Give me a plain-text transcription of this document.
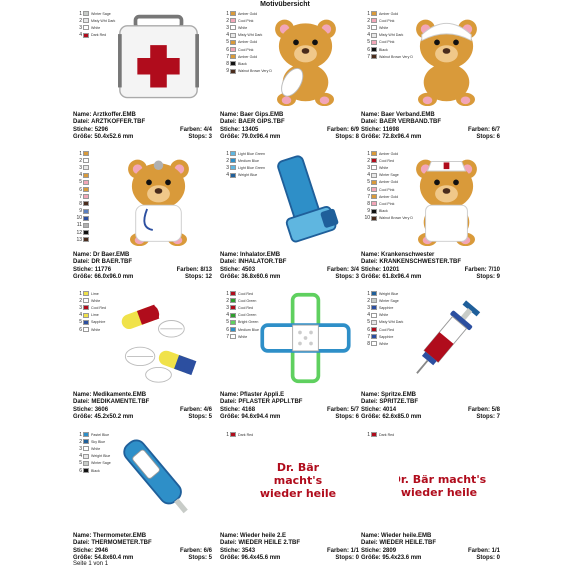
Motivübersicht
1	Winter Sage
2	Misty Wht Dark
3	White
4	Dark Red
Name: Arztkoffer.EMB
Datei: ARZTKOFFER.TBF
Stiche: 5296	Farben: 4/4
Größe: 50.4x52.6 mm	Stops: 3
1	Amber Gold
2	Cool Pink
3	White
4	Misty Wht Dark
5	Amber Gold
6	Cool Pink
7	Amber Gold
8	Black
9	Walnut Brown Very D
Name: Baer Gips.EMB
Datei: BAER GIPS.TBF
Stiche: 13405	Farben: 6/9
Größe: 79.0x96.4 mm	Stops: 8
1	Amber Gold
2	Cool Pink
3	White
4	Misty Wht Dark
5	Cool Pink
6	Black
7	Walnut Brown Very D
Name: Baer Verband.EMB
Datei: BAER VERBAND.TBF
Stiche: 11698	Farben: 6/7
Größe: 72.8x96.4 mm	Stops: 6
1
2
3
4
5
6
7
8
9
10
11
12
13
Name: Dr Baer.EMB
Datei: DR BAER.TBF
Stiche: 11776	Farben: 8/13
Größe: 66.0x96.0 mm	Stops: 12
1	Light Blue Green
2	Medium Blue
3	Light Blue Green
4	Weight Blue
Name: Inhalator.EMB
Datei: INHALATOR.TBF
Stiche: 4503	Farben: 3/4
Größe: 36.8x60.6 mm	Stops: 3
1	Amber Gold
2	Cool Red
3	White
4	Winter Sage
5	Amber Gold
6	Cool Pink
7	Amber Gold
8	Cool Pink
9	Black
10	Walnut Brown Very D
Name: Krankenschwester
Datei: KRANKENSCHWESTER.TBF
Stiche: 10201	Farben: 7/10
Größe: 61.8x96.4 mm	Stops: 9
1	Lime
2	White
3	Cool Red
4	Lime
5	Sapphire
6	White
Name: Medikamente.EMB
Datei: MEDIKAMENTE.TBF
Stiche: 3606	Farben: 4/6
Größe: 45.2x50.2 mm	Stops: 5
1	Cool Red
2	Cool Green
3	Cool Red
4	Cool Green
5	Bright Green
6	Medium Blue
7	White
Name: Pflaster Appli.E
Datei: PFLASTER APPLI.TBF
Stiche: 4168	Farben: 5/7
Größe: 94.6x94.4 mm	Stops: 6
1	Weight Blue
2	Winter Sage
3	Sapphire
4	White
5	Misty Wht Dark
6	Cool Red
7	Sapphire
8	White
Name: Spritze.EMB
Datei: SPRITZE.TBF
Stiche: 4014	Farben: 5/8
Größe: 62.6x85.0 mm	Stops: 7
1	Pastel Blue
2	Sky Blue
3	White
4	Weight Blue
5	Winter Sage
6	Black
Name: Thermometer.EMB
Datei: THERMOMETER.TBF
Stiche: 2946	Farben: 6/6
Größe: 54.8x60.4 mm	Stops: 5
1	Dark Red
Dr. Bär
macht's
wieder heile
Name: Wieder heile 2.E
Datei: WIEDER HEILE 2.TBF
Stiche: 3543	Farben: 1/1
Größe: 96.4x45.6 mm	Stops: 0
1	Dark Red
Dr. Bär macht's
wieder heile
Name: Wieder heile.EMB
Datei: WIEDER HEILE.TBF
Stiche: 2809	Farben: 1/1
Größe: 95.4x23.6 mm	Stops: 0
Seite 1 von 1
